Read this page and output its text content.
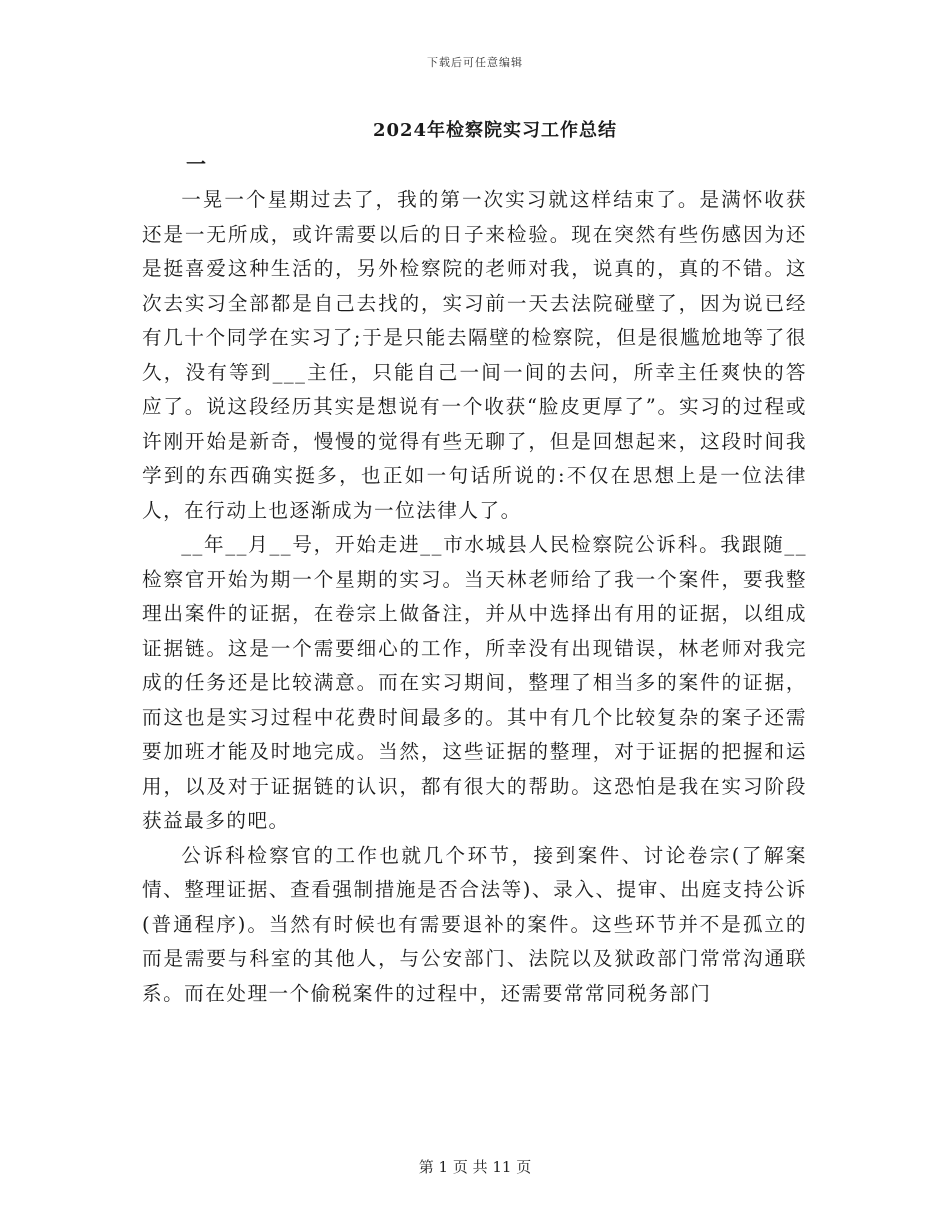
下载后可任意编辑
2024年检察院实习工作总结
一

一晃一个星期过去了，我的第一次实习就这样结束了。是满怀收获还是一无所成，或许需要以后的日子来检验。现在突然有些伤感因为还是挺喜爱这种生活的，另外检察院的老师对我，说真的，真的不错。这次去实习全部都是自己去找的，实习前一天去法院碰壁了，因为说已经有几十个同学在实习了;于是只能去隔壁的检察院，但是很尴尬地等了很久，没有等到___主任，只能自己一间一间的去问，所幸主任爽快的答应了。说这段经历其实是想说有一个收获“脸皮更厚了”。实习的过程或许刚开始是新奇，慢慢的觉得有些无聊了，但是回想起来，这段时间我学到的东西确实挺多，也正如一句话所说的:不仅在思想上是一位法律人，在行动上也逐渐成为一位法律人了。

__年__月__号，开始走进__市水城县人民检察院公诉科。我跟随__检察官开始为期一个星期的实习。当天林老师给了我一个案件，要我整理出案件的证据，在卷宗上做备注，并从中选择出有用的证据，以组成证据链。这是一个需要细心的工作，所幸没有出现错误，林老师对我完成的任务还是比较满意。而在实习期间，整理了相当多的案件的证据，而这也是实习过程中花费时间最多的。其中有几个比较复杂的案子还需要加班才能及时地完成。当然，这些证据的整理，对于证据的把握和运用，以及对于证据链的认识，都有很大的帮助。这恐怕是我在实习阶段获益最多的吧。

公诉科检察官的工作也就几个环节，接到案件、讨论卷宗(了解案情、整理证据、查看强制措施是否合法等)、录入、提审、出庭支持公诉(普通程序)。当然有时候也有需要退补的案件。这些环节并不是孤立的而是需要与科室的其他人，与公安部门、法院以及狱政部门常常沟通联系。而在处理一个偷税案件的过程中，还需要常常同税务部门

第 1 页 共 11 页
